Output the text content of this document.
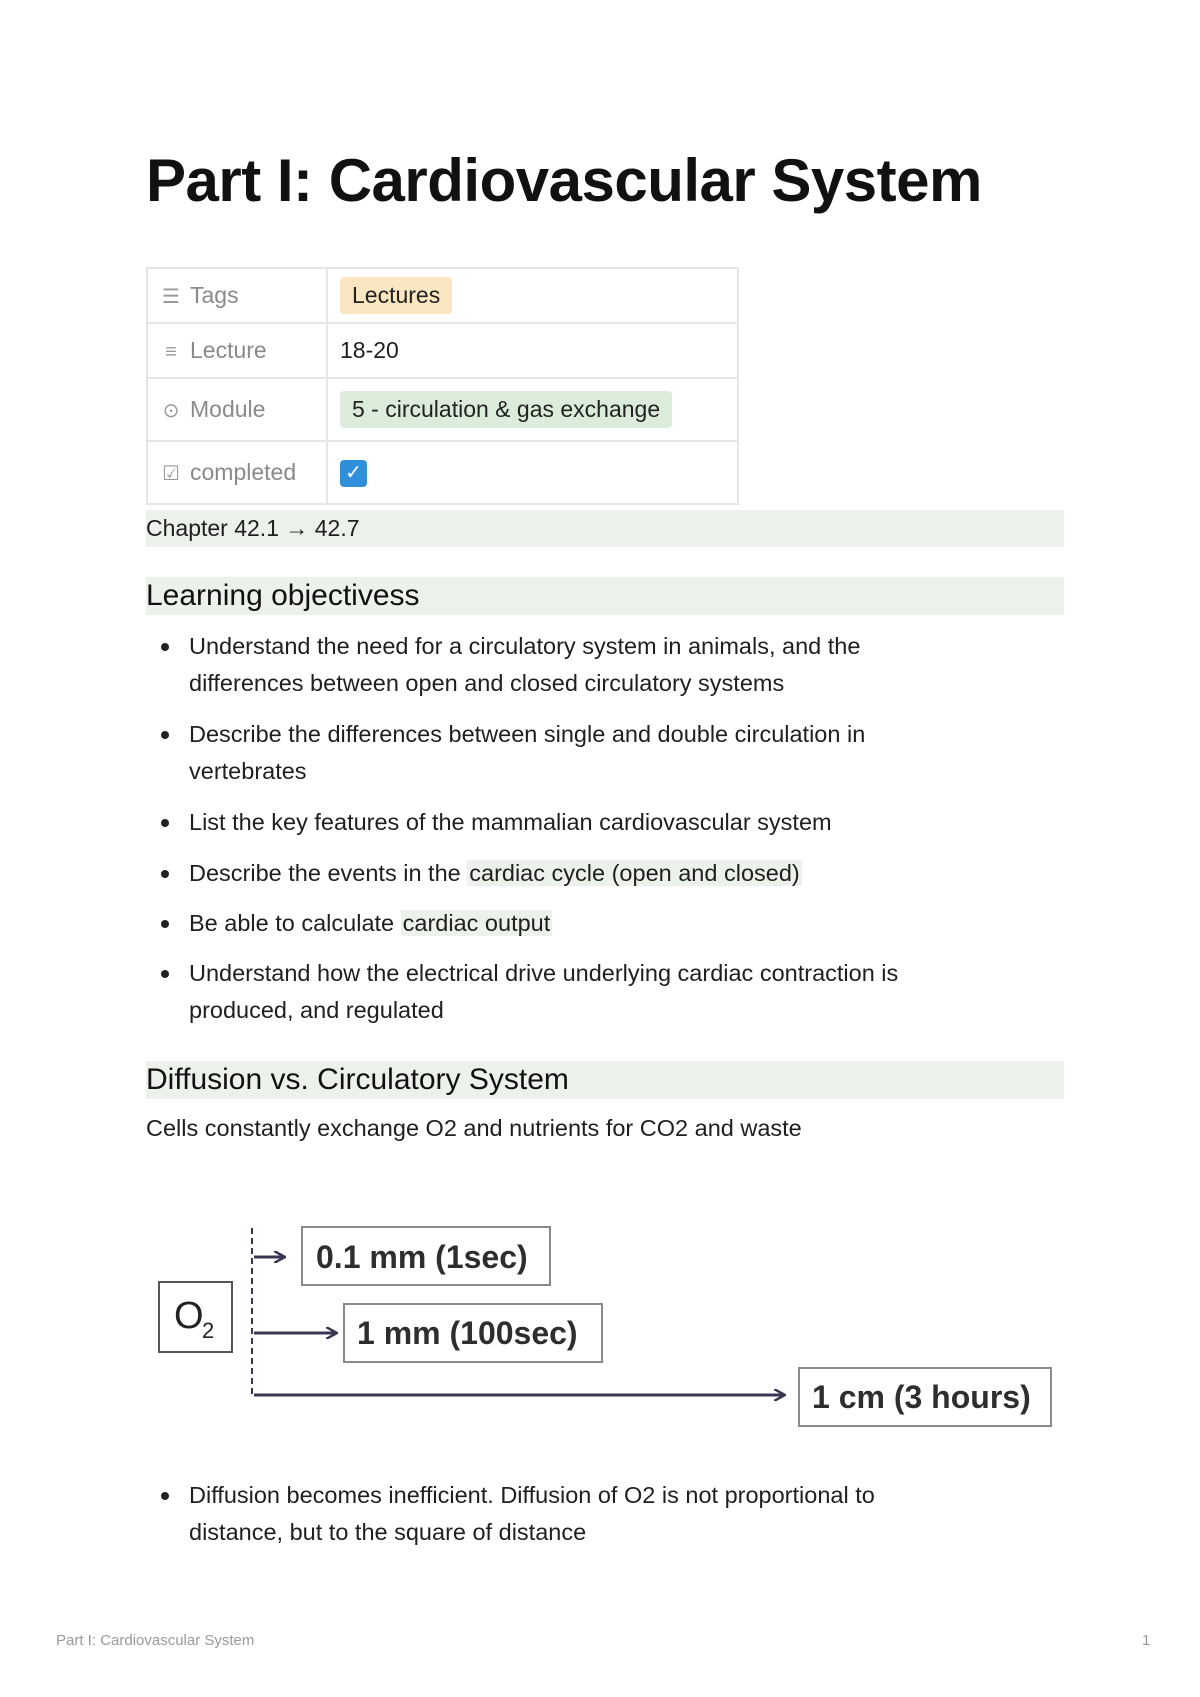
Part I: Cardiovascular System
☰ Tags	Lectures
≡ Lecture	18-20
⊙ Module	5 - circulation & gas exchange
☑ completed	✓
Chapter 42.1 → 42.7
Learning objectivess
Understand the need for a circulatory system in animals, and the
differences between open and closed circulatory systems
Describe the differences between single and double circulation in
vertebrates
List the key features of the mammalian cardiovascular system
Describe the events in the cardiac cycle (open and closed)
Be able to calculate cardiac output
Understand how the electrical drive underlying cardiac contraction is
produced, and regulated
Diffusion vs. Circulatory System
Cells constantly exchange O2 and nutrients for CO2 and waste
Diffusion becomes inefficient. Diffusion of O2 is not proportional to
distance, but to the square of distance
O
2
0.1 mm (1sec)
1 mm (100sec)
1 cm (3 hours)
Part I: Cardiovascular System	1
